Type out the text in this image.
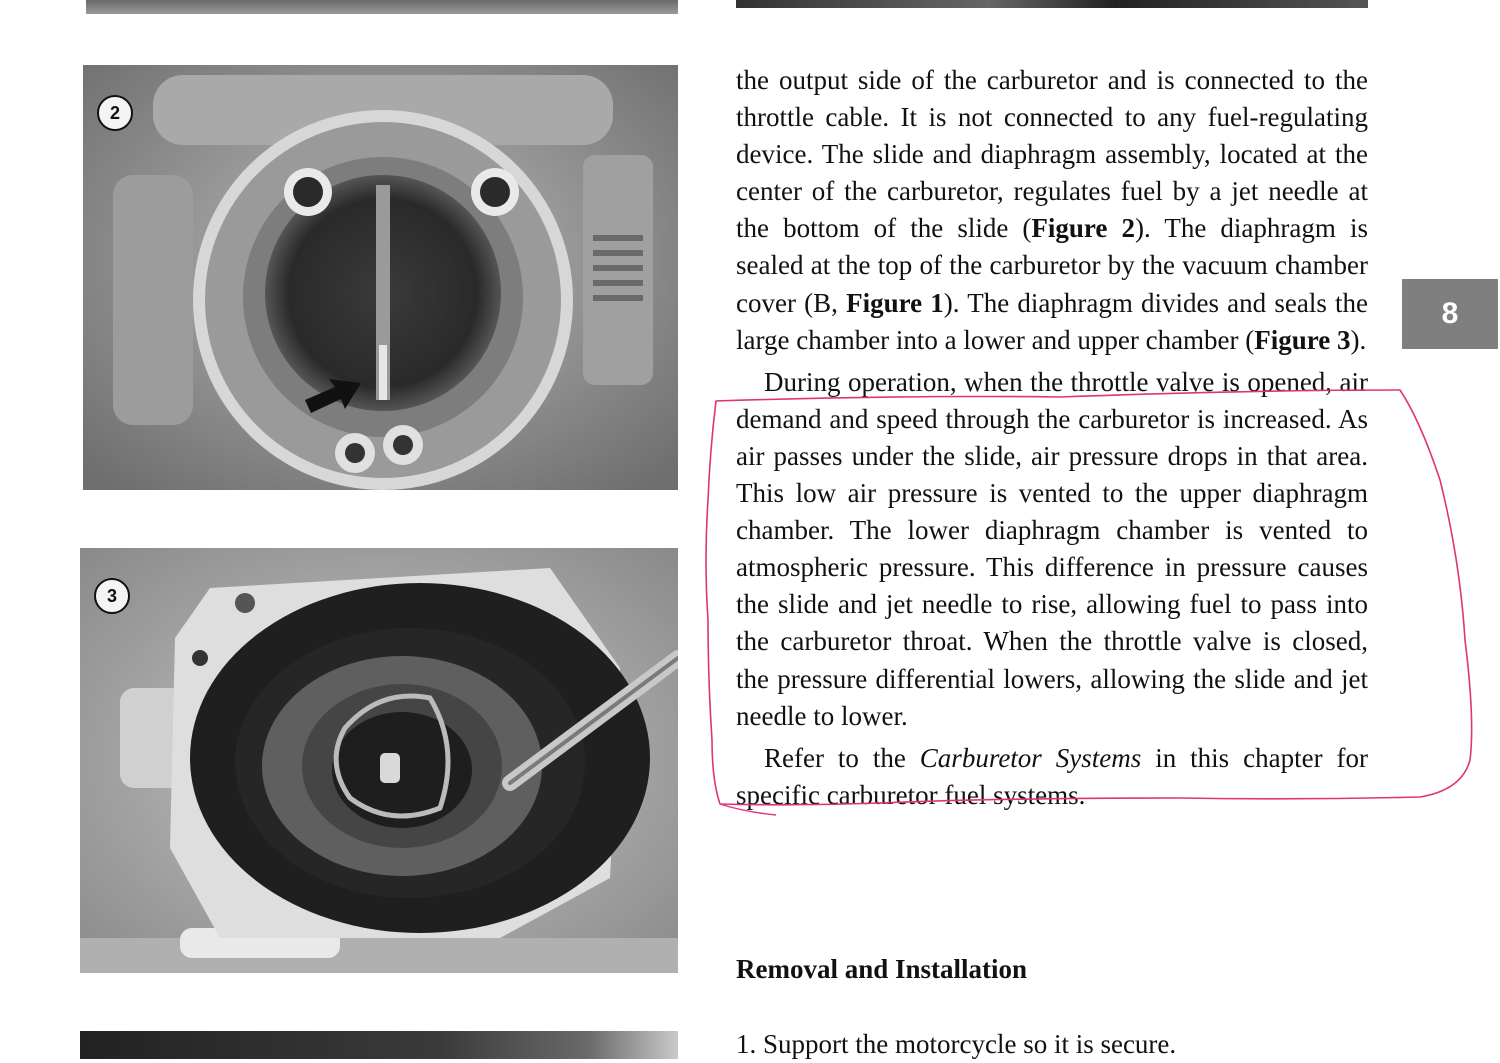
2
3

the output side of the carburetor and is connected to the throttle cable. It is not connected to any fuel-regulating device. The slide and diaphragm assembly, located at the center of the carburetor, regulates fuel by a jet needle at the bottom of the slide (Figure 2). The diaphragm is sealed at the top of the carburetor by the vacuum chamber cover (B, Figure 1). The diaphragm divides and seals the large chamber into a lower and upper chamber (Figure 3).

During operation, when the throttle valve is opened, air demand and speed through the carburetor is increased. As air passes under the slide, air pressure drops in that area. This low air pressure is vented to the upper diaphragm chamber. The lower diaphragm chamber is vented to atmospheric pressure. This difference in pressure causes the slide and jet needle to rise, allowing fuel to pass into the carburetor throat. When the throttle valve is closed, the pressure differential lowers, allowing the slide and jet needle to lower.

Refer to the Carburetor Systems in this chapter for specific carburetor fuel systems.

Removal and Installation

1. Support the motorcycle so it is secure.

8
